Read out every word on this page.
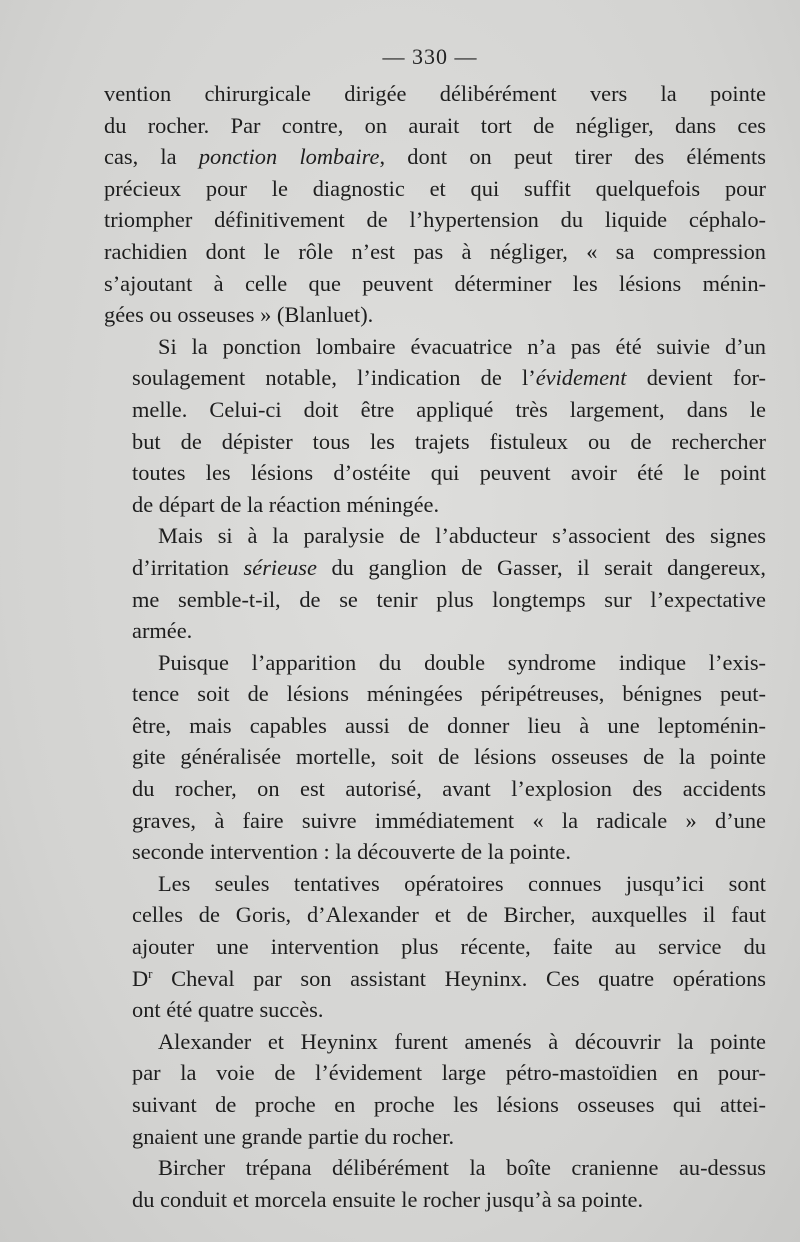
— 330 —

vention chirurgicale dirigée délibérément vers la pointe
du rocher. Par contre, on aurait tort de négliger, dans ces
cas, la ponction lombaire, dont on peut tirer des éléments
précieux pour le diagnostic et qui suffit quelquefois pour
triompher définitivement de l’hypertension du liquide céphalo-
rachidien dont le rôle n’est pas à négliger, « sa compression
s’ajoutant à celle que peuvent déterminer les lésions ménin-
gées ou osseuses » (Blanluet).

Si la ponction lombaire évacuatrice n’a pas été suivie d’un
soulagement notable, l’indication de l’évidement devient for-
melle. Celui-ci doit être appliqué très largement, dans le
but de dépister tous les trajets fistuleux ou de rechercher
toutes les lésions d’ostéite qui peuvent avoir été le point
de départ de la réaction méningée.

Mais si à la paralysie de l’abducteur s’associent des signes
d’irritation sérieuse du ganglion de Gasser, il serait dangereux,
me semble-t-il, de se tenir plus longtemps sur l’expectative
armée.

Puisque l’apparition du double syndrome indique l’exis-
tence soit de lésions méningées péripétreuses, bénignes peut-
être, mais capables aussi de donner lieu à une leptoménin-
gite généralisée mortelle, soit de lésions osseuses de la pointe
du rocher, on est autorisé, avant l’explosion des accidents
graves, à faire suivre immédiatement « la radicale » d’une
seconde intervention : la découverte de la pointe.

Les seules tentatives opératoires connues jusqu’ici sont
celles de Goris, d’Alexander et de Bircher, auxquelles il faut
ajouter une intervention plus récente, faite au service du
$D^r$ Cheval par son assistant Heyninx. Ces quatre opérations
ont été quatre succès.

Alexander et Heyninx furent amenés à découvrir la pointe
par la voie de l’évidement large pétro-mastoïdien en pour-
suivant de proche en proche les lésions osseuses qui attei-
gnaient une grande partie du rocher.

Bircher trépana délibérément la boîte cranienne au-dessus
du conduit et morcela ensuite le rocher jusqu’à sa pointe.
